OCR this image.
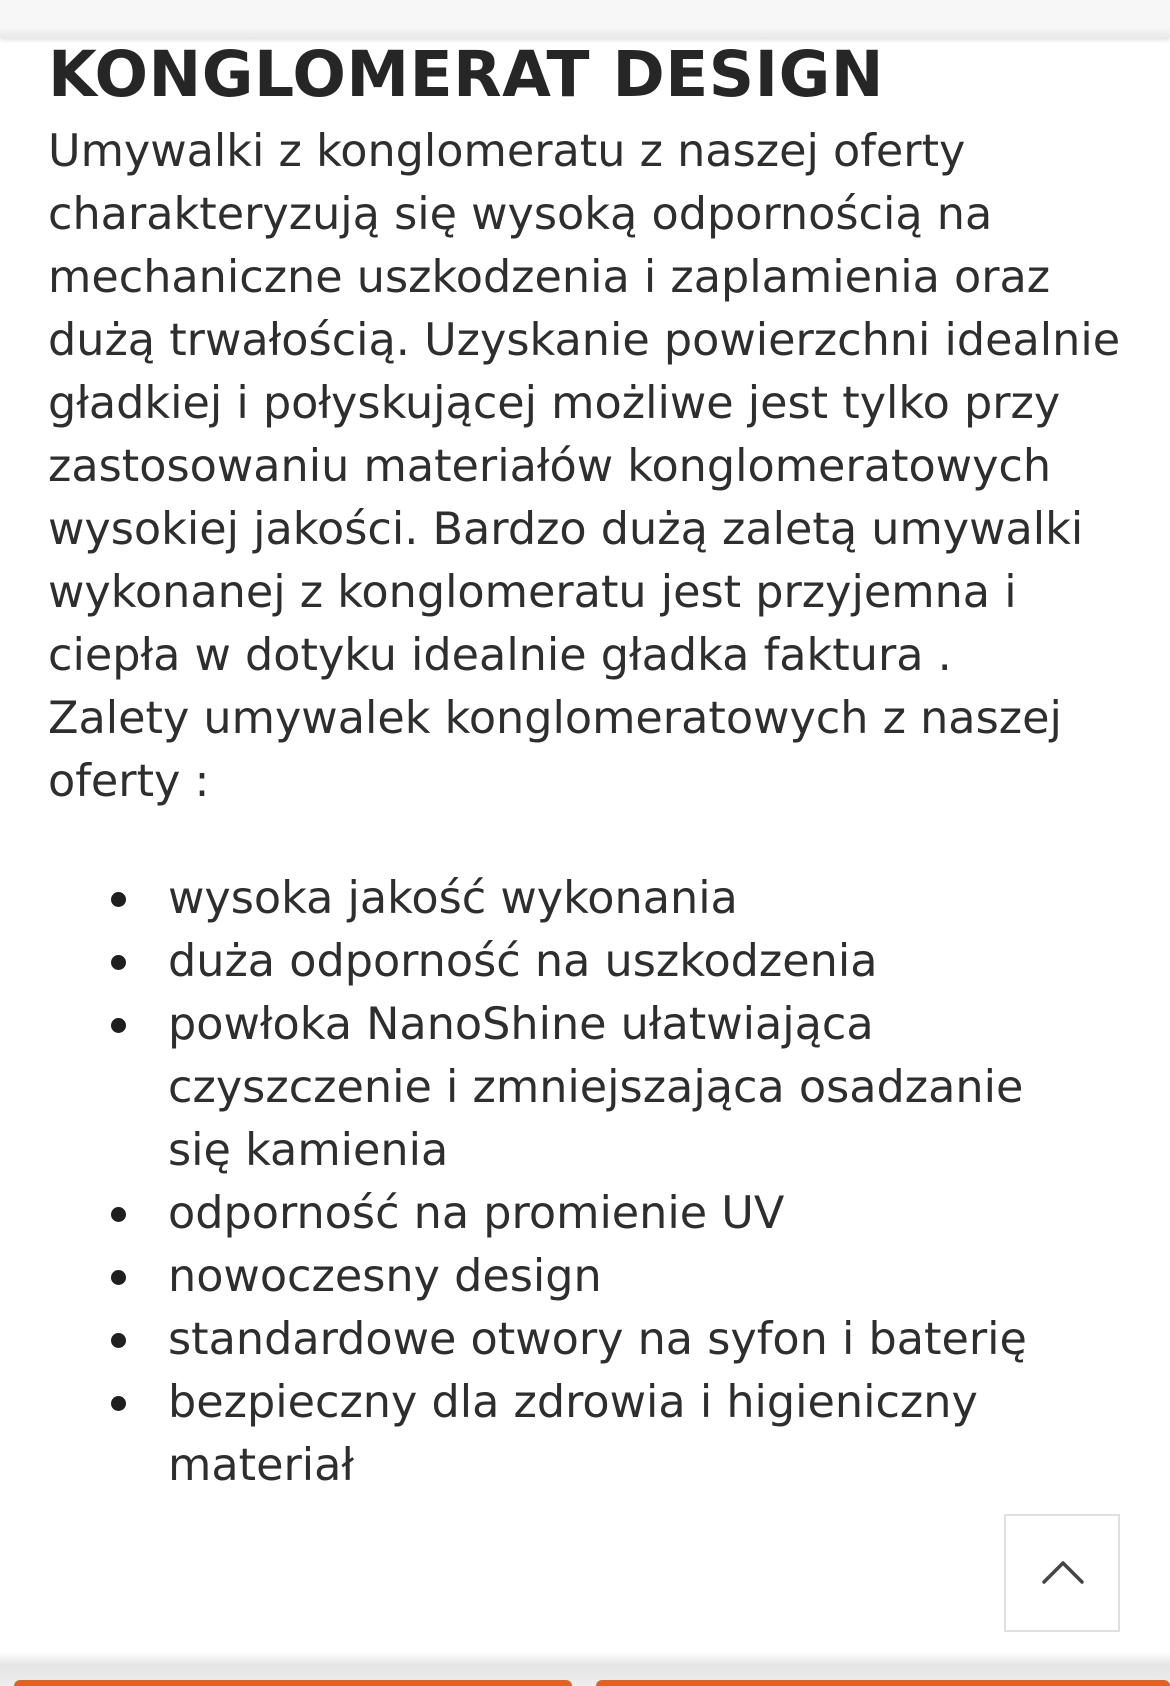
KONGLOMERAT DESIGN

Umywalki z konglomeratu z naszej oferty charakteryzują się wysoką odpornością na mechaniczne uszkodzenia i zaplamienia oraz dużą trwałością. Uzyskanie powierzchni idealnie gładkiej i połyskującej możliwe jest tylko przy zastosowaniu materiałów konglomeratowych wysokiej jakości. Bardzo dużą zaletą umywalki wykonanej z konglomeratu jest przyjemna i ciepła w dotyku idealnie gładka faktura .

Zalety umywalek konglomeratowych z naszej oferty :

wysoka jakość wykonania
duża odporność na uszkodzenia
powłoka NanoShine ułatwiająca czyszczenie i zmniejszająca osadzanie się kamienia
odporność na promienie UV
nowoczesny design
standardowe otwory na syfon i baterię
bezpieczny dla zdrowia i higieniczny materiał
